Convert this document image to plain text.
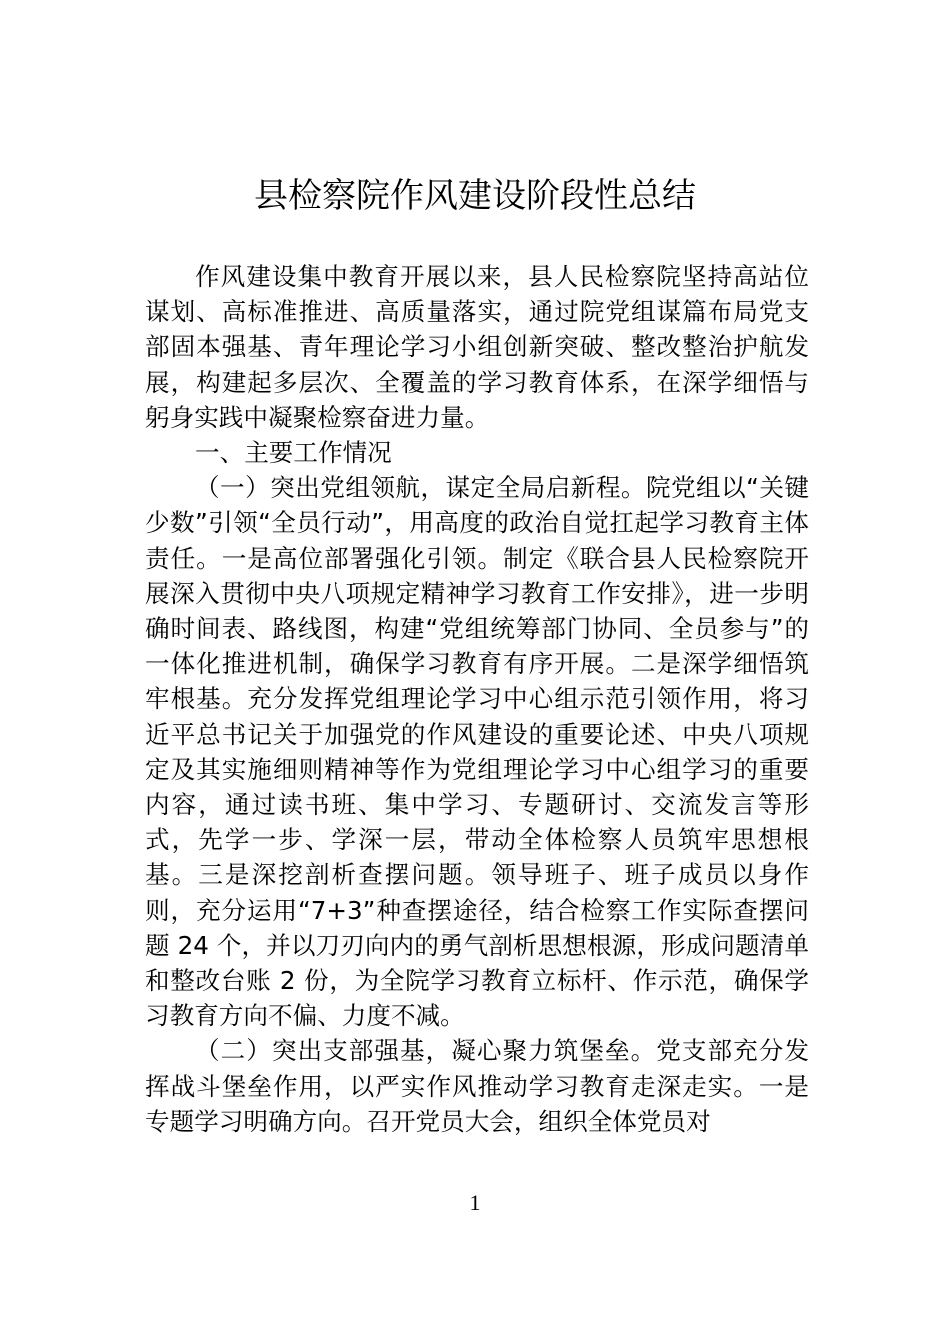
县检察院作风建设阶段性总结

作风建设集中教育开展以来，县人民检察院坚持高站位谋划、高标准推进、高质量落实，通过院党组谋篇布局党支部固本强基、青年理论学习小组创新突破、整改整治护航发展，构建起多层次、全覆盖的学习教育体系，在深学细悟与躬身实践中凝聚检察奋进力量。

一、主要工作情况

（一）突出党组领航，谋定全局启新程。院党组以“关键少数”引领“全员行动”，用高度的政治自觉扛起学习教育主体责任。一是高位部署强化引领。制定《联合县人民检察院开展深入贯彻中央八项规定精神学习教育工作安排》，进一步明确时间表、路线图，构建“党组统筹部门协同、全员参与”的一体化推进机制，确保学习教育有序开展。二是深学细悟筑牢根基。充分发挥党组理论学习中心组示范引领作用，将习近平总书记关于加强党的作风建设的重要论述、中央八项规定及其实施细则精神等作为党组理论学习中心组学习的重要内容，通过读书班、集中学习、专题研讨、交流发言等形式，先学一步、学深一层，带动全体检察人员筑牢思想根基。三是深挖剖析查摆问题。领导班子、班子成员以身作则，充分运用“7+3”种查摆途径，结合检察工作实际查摆问题 24 个，并以刀刃向内的勇气剖析思想根源，形成问题清单和整改台账 2 份，为全院学习教育立标杆、作示范，确保学习教育方向不偏、力度不减。

（二）突出支部强基，凝心聚力筑堡垒。党支部充分发挥战斗堡垒作用，以严实作风推动学习教育走深走实。一是专题学习明确方向。召开党员大会，组织全体党员对

1
